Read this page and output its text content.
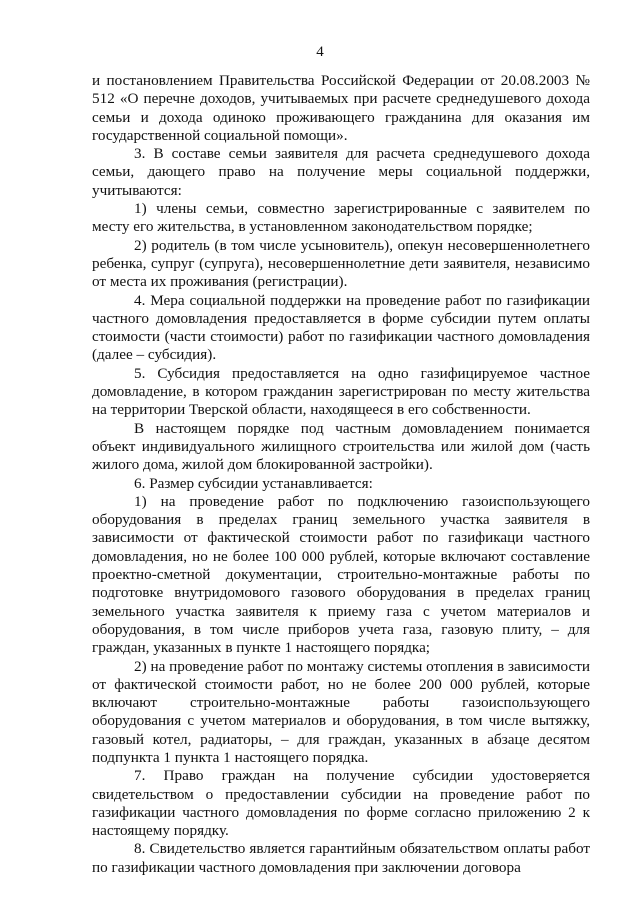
4

и постановлением Правительства Российской Федерации от 20.08.2003 № 512 «О перечне доходов, учитываемых при расчете среднедушевого дохода семьи и дохода одиноко проживающего гражданина для оказания им государственной социальной помощи».

3. В составе семьи заявителя для расчета среднедушевого дохода семьи, дающего право на получение меры социальной поддержки, учитываются:

1) члены семьи, совместно зарегистрированные с заявителем по месту его жительства, в установленном законодательством порядке;

2) родитель (в том числе усыновитель), опекун несовершеннолетнего ребенка, супруг (супруга), несовершеннолетние дети заявителя, независимо от места их проживания (регистрации).

4. Мера социальной поддержки на проведение работ по газификации частного домовладения предоставляется в форме субсидии путем оплаты стоимости (части стоимости) работ по газификации частного домовладения (далее – субсидия).

5. Субсидия предоставляется на одно газифицируемое частное домовладение, в котором гражданин зарегистрирован по месту жительства на территории Тверской области, находящееся в его собственности.

В настоящем порядке под частным домовладением понимается объект индивидуального жилищного строительства или жилой дом (часть жилого дома, жилой дом блокированной застройки).

6. Размер субсидии устанавливается:

1) на проведение работ по подключению газоиспользующего оборудования в пределах границ земельного участка заявителя в зависимости от фактической стоимости работ по газификаци частного домовладения, но не более 100 000 рублей, которые включают составление проектно-сметной документации, строительно-монтажные работы по подготовке внутридомового газового оборудования в пределах границ земельного участка заявителя к приему газа с учетом материалов и оборудования, в том числе приборов учета газа, газовую плиту, – для граждан, указанных в пункте 1 настоящего порядка;

2) на проведение работ по монтажу системы отопления в зависимости от фактической стоимости работ, но не более 200 000 рублей, которые включают строительно-монтажные работы газоиспользующего оборудования с учетом материалов и оборудования, в том числе вытяжку, газовый котел, радиаторы, – для граждан, указанных в абзаце десятом подпункта 1 пункта 1 настоящего порядка.

7. Право граждан на получение субсидии удостоверяется свидетельством о предоставлении субсидии на проведение работ по газификации частного домовладения по форме согласно приложению 2 к настоящему порядку.

8. Свидетельство является гарантийным обязательством оплаты работ по газификации частного домовладения при заключении договора
